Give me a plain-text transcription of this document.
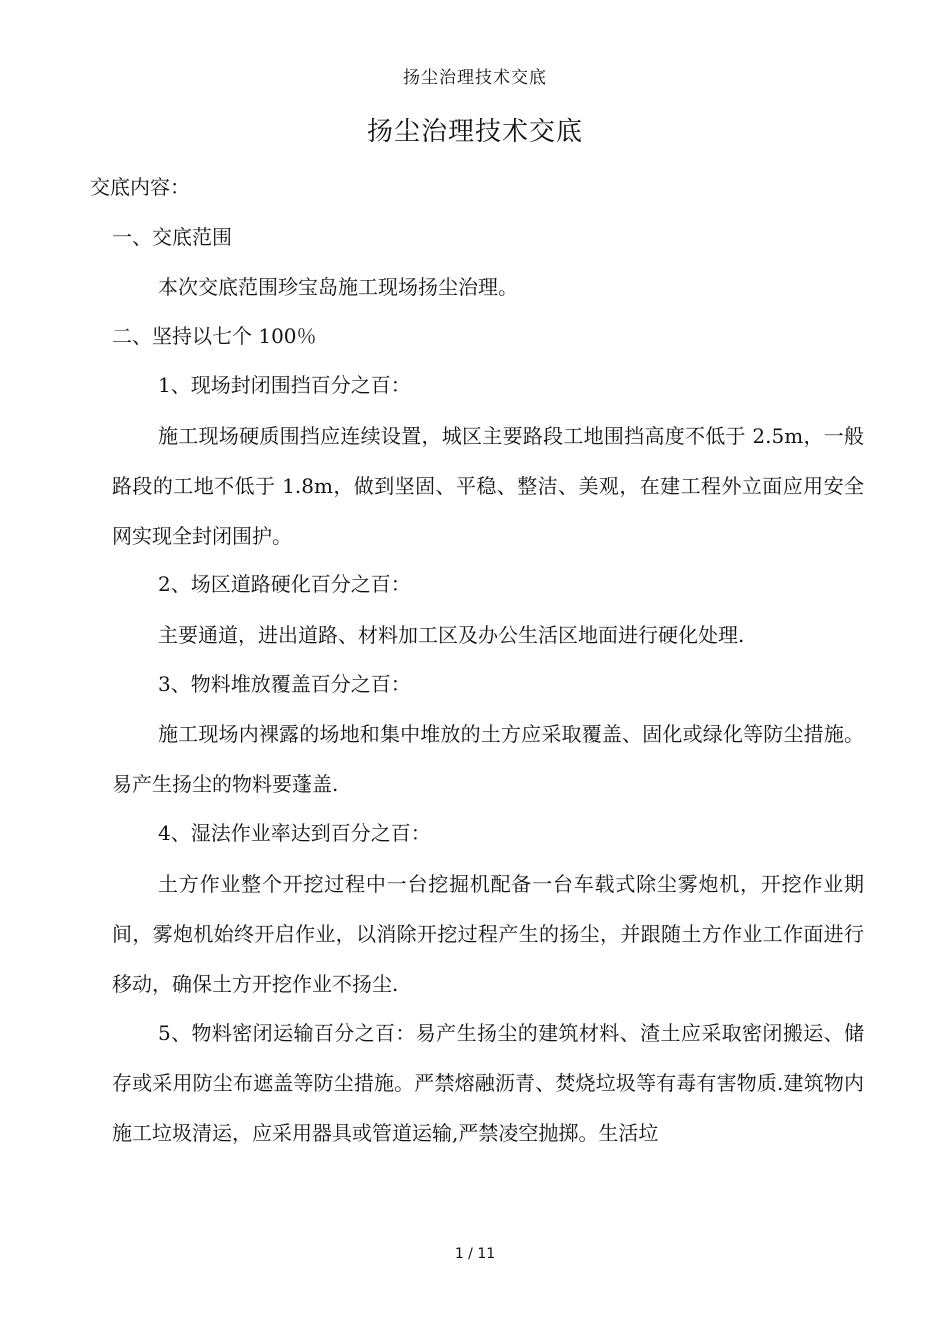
扬尘治理技术交底
扬尘治理技术交底
交底内容：
一、交底范围
本次交底范围珍宝岛施工现场扬尘治理。
二、坚持以七个 100％
1、现场封闭围挡百分之百：
施工现场硬质围挡应连续设置，城区主要路段工地围挡高度不低于 2.5m，一般路段的工地不低于 1.8m，做到坚固、平稳、整洁、美观，在建工程外立面应用安全网实现全封闭围护。
2、场区道路硬化百分之百：
主要通道，进出道路、材料加工区及办公生活区地面进行硬化处理.
3、物料堆放覆盖百分之百：
施工现场内裸露的场地和集中堆放的土方应采取覆盖、固化或绿化等防尘措施。易产生扬尘的物料要蓬盖.
4、湿法作业率达到百分之百：
土方作业整个开挖过程中一台挖掘机配备一台车载式除尘雾炮机，开挖作业期间，雾炮机始终开启作业，以消除开挖过程产生的扬尘，并跟随土方作业工作面进行移动，确保土方开挖作业不扬尘.
5、物料密闭运输百分之百：易产生扬尘的建筑材料、渣土应采取密闭搬运、储存或采用防尘布遮盖等防尘措施。严禁熔融沥青、焚烧垃圾等有毒有害物质.建筑物内施工垃圾清运，应采用器具或管道运输,严禁凌空抛掷。生活垃
1 / 11
